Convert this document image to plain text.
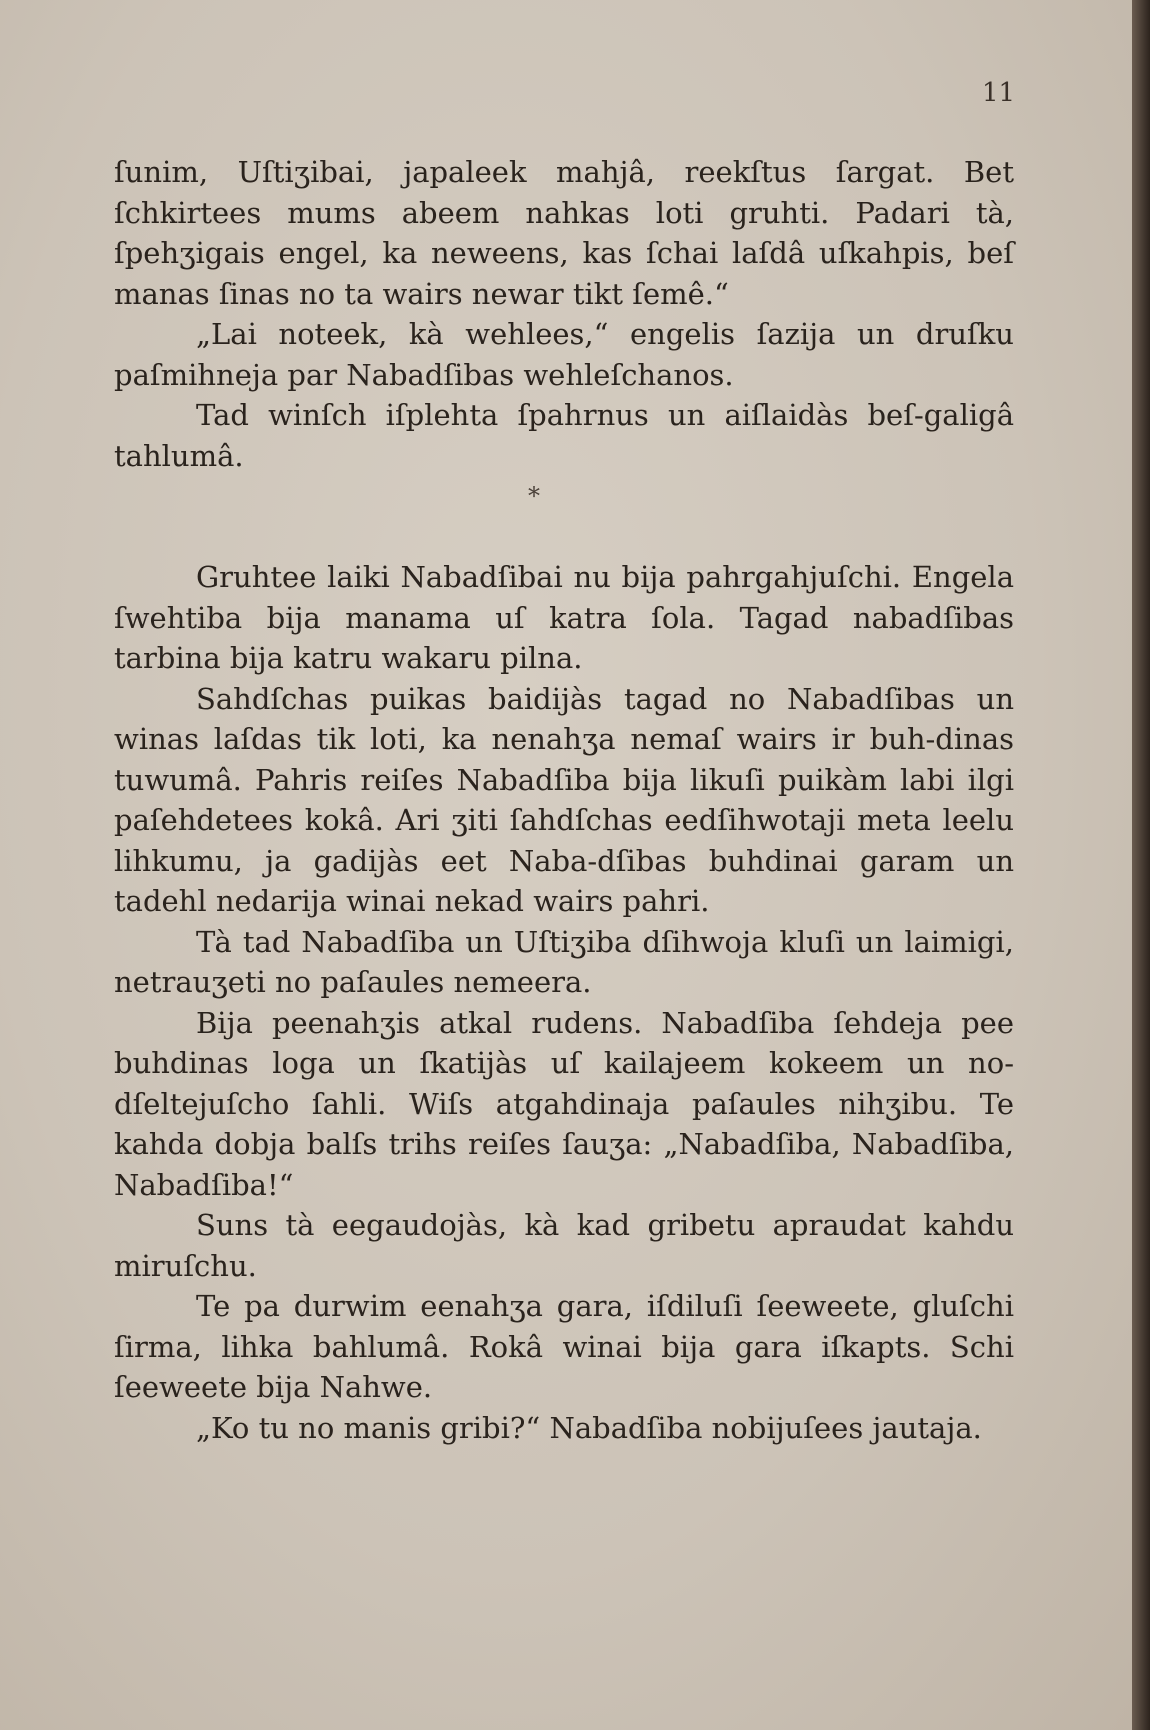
11

ſunim, Uſtiʒibai, japaleek mahjâ, reekſtus ſargat. Bet ſchkirtees mums abeem nahkas loti gruhti. Padari tà, ſpehʒigais engel, ka neweens, kas ſchai laſdâ uſkahpis, beſ manas ſinas no ta wairs newar tikt ſemê.“

„Lai noteek, kà wehlees,“ engelis ſazija un druſku paſmihneja par Nabadſibas wehleſchanos.

Tad winſch iſplehta ſpahrnus un aiſlaidàs beſ-galigâ tahlumâ.

*

Gruhtee laiki Nabadſibai nu bija pahrgahjuſchi. Engela ſwehtiba bija manama uſ katra ſola. Tagad nabadſibas tarbina bija katru wakaru pilna.

Sahdſchas puikas baidijàs tagad no Nabadſibas un winas laſdas tik loti, ka nenahʒa nemaſ wairs ir buh-dinas tuwumâ. Pahris reiſes Nabadſiba bija likuſi puikàm labi ilgi paſehdetees kokâ. Ari ʒiti ſahdſchas eedſihwotaji meta leelu lihkumu, ja gadijàs eet Naba-dſibas buhdinai garam un tadehl nedarija winai nekad wairs pahri.

Tà tad Nabadſiba un Uſtiʒiba dſihwoja kluſi un laimigi, netrauʒeti no paſaules nemeera.

Bija peenahʒis atkal rudens. Nabadſiba ſehdeja pee buhdinas loga un ſkatijàs uſ kailajeem kokeem un no-dſeltejuſcho ſahli. Wiſs atgahdinaja paſaules nihʒibu. Te kahda dobja balſs trihs reiſes ſauʒa: „Nabadſiba, Nabadſiba, Nabadſiba!“

Suns tà eegaudojàs, kà kad gribetu apraudat kahdu miruſchu.

Te pa durwim eenahʒa gara, iſdiluſi ſeeweete, gluſchi ſirma, lihka bahlumâ. Rokâ winai bija gara iſkapts. Schi ſeeweete bija Nahwe.

„Ko tu no manis gribi?“ Nabadſiba nobijuſees jautaja.
